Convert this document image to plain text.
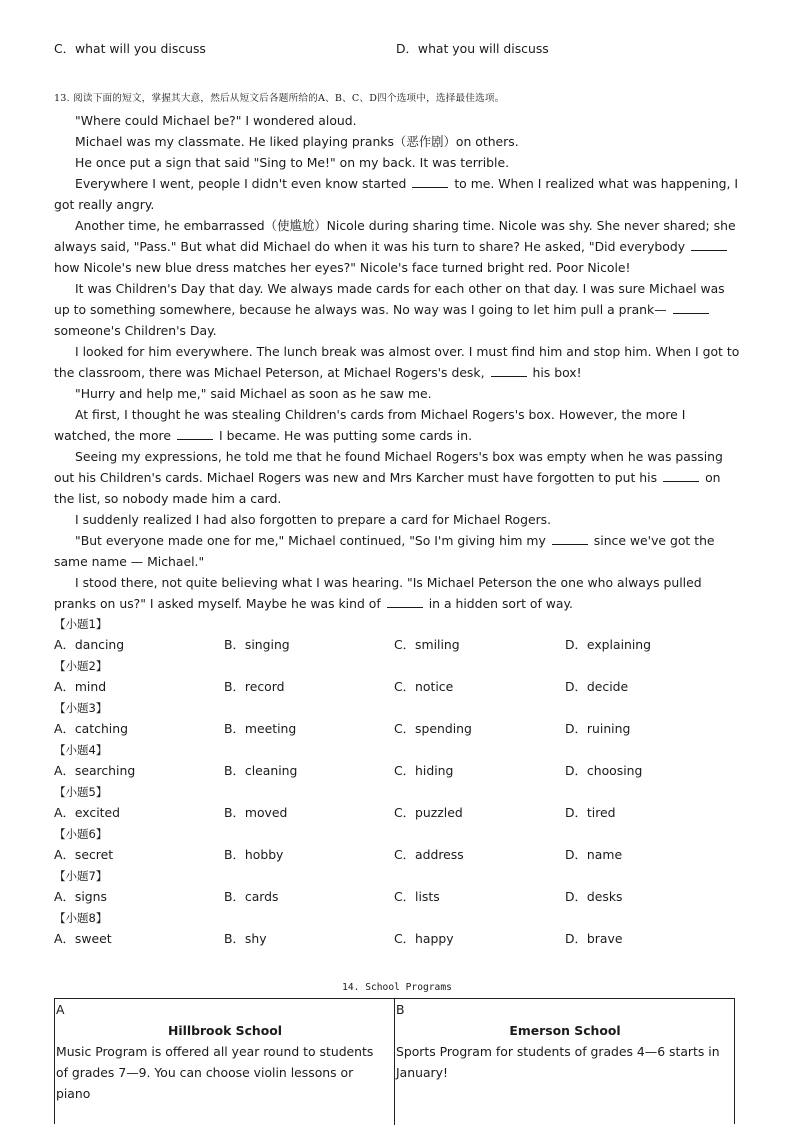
C．what will you discuss	D．what you will discuss
13. 阅读下面的短文，掌握其大意，然后从短文后各题所给的A、B、C、D四个选项中，选择最佳选项。

"Where could Michael be?" I wondered aloud.

Michael was my classmate. He liked playing pranks（恶作剧）on others.

He once put a sign that said "Sing to Me!" on my back. It was terrible.

Everywhere I went, people I didn't even know started	to me. When I realized what was happening, I got really angry.

Another time, he embarrassed（使尴尬）Nicole during sharing time. Nicole was shy. She never shared; she always said, "Pass." But what did Michael do when it was his turn to share? He asked, "Did everybodyhow Nicole's new blue dress matches her eyes?" Nicole's face turned bright red. Poor Nicole!

It was Children's Day that day. We always made cards for each other on that day. I was sure Michael was up to something somewhere, because he always was. No way was I going to let him pull a prank—someone's Children's Day.

I looked for him everywhere. The lunch break was almost over. I must find him and stop him. When I got to the classroom, there was Michael Peterson, at Michael Rogers's desk,	his box!

"Hurry and help me," said Michael as soon as he saw me.

At first, I thought he was stealing Children's cards from Michael Rogers's box. However, the more I watched, the more	I became. He was putting some cards in.

Seeing my expressions, he told me that he found Michael Rogers's box was empty when he was passing out his Children's cards. Michael Rogers was new and Mrs Karcher must have forgotten to put his	on the list, so nobody made him a card.

I suddenly realized I had also forgotten to prepare a card for Michael Rogers.

"But everyone made one for me," Michael continued, "So I'm giving him my	since we've got the same name — Michael."

I stood there, not quite believing what I was hearing. "Is Michael Peterson the one who always pulled pranks on us?" I asked myself. Maybe he was kind of	in a hidden sort of way.

【小题1】
A．dancing	B．singing	C．smiling	D．explaining
【小题2】
A．mind	B．record	C．notice	D．decide
【小题3】
A．catching	B．meeting	C．spending	D．ruining
【小题4】
A．searching	B．cleaning	C．hiding	D．choosing
【小题5】
A．excited	B．moved	C．puzzled	D．tired
【小题6】
A．secret	B．hobby	C．address	D．name
【小题7】
A．signs	B．cards	C．lists	D．desks
【小题8】
A．sweet	B．shy	C．happy	D．brave
14. School Programs
A
Hillbrook School
Music Program is offered all year round to students of grades 7—9. You can choose violin lessons or piano
B
Emerson School
Sports Program for students of grades 4—6 starts in January!
